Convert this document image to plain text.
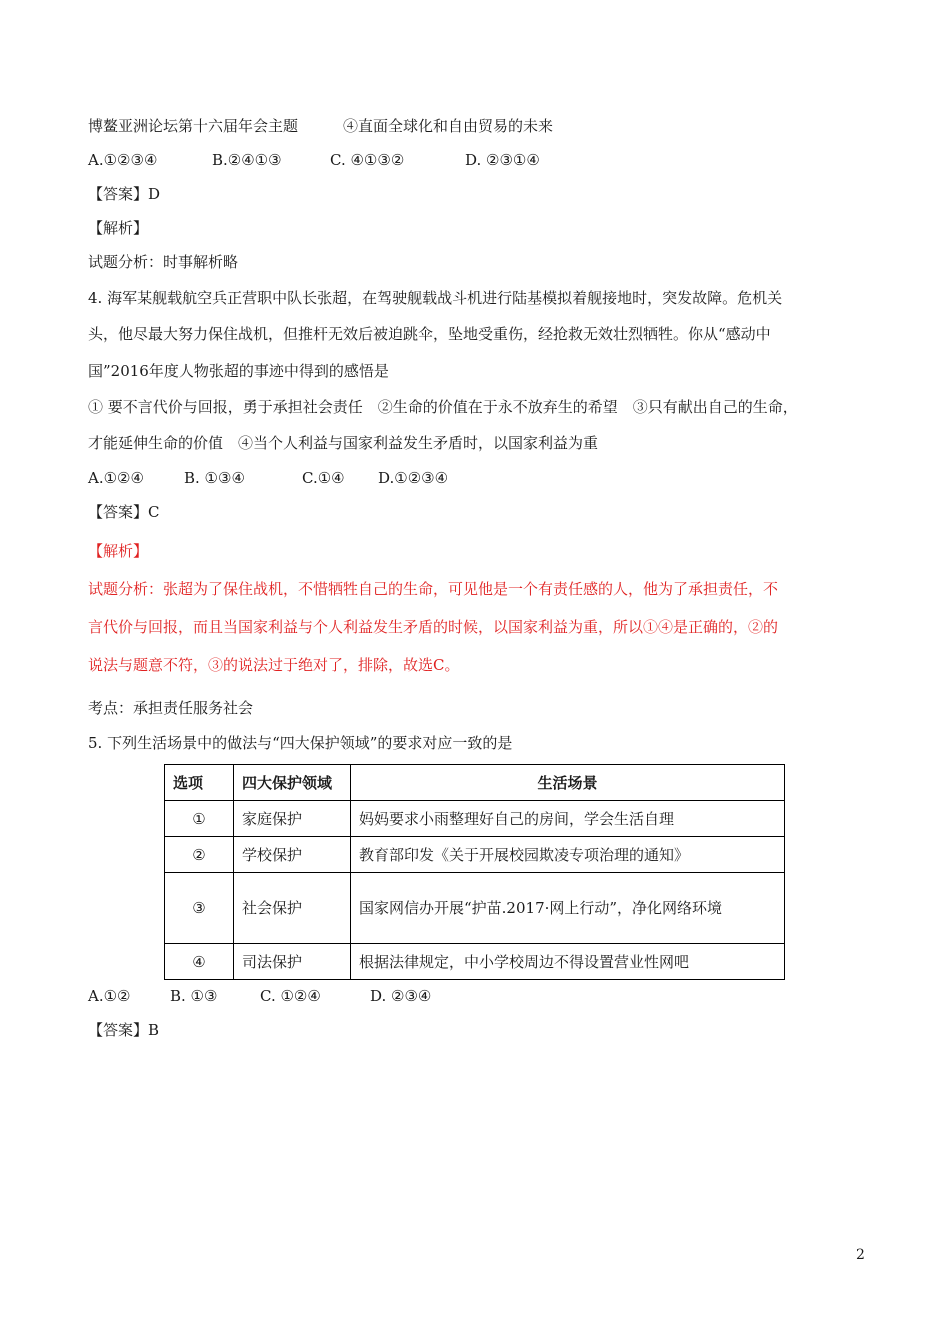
博鳌亚洲论坛第十六届年会主题　　　④直面全球化和自由贸易的未来
A.①②③④	B.②④①③	C. ④①③②	D. ②③①④
【答案】D
【解析】
试题分析：时事解析略
4. 海军某舰载航空兵正营职中队长张超，在驾驶舰载战斗机进行陆基模拟着舰接地时，突发故障。危机关
头，他尽最大努力保住战机，但推杆无效后被迫跳伞，坠地受重伤，经抢救无效壮烈牺牲。你从“感动中
国”2016年度人物张超的事迹中得到的感悟是
① 要不言代价与回报，勇于承担社会责任　②生命的价值在于永不放弃生的希望　③只有献出自己的生命，
才能延伸生命的价值　④当个人利益与国家利益发生矛盾时，以国家利益为重
A.①②④	B. ①③④	C.①④ D.①②③④
【答案】C
【解析】
试题分析：张超为了保住战机，不惜牺牲自己的生命，可见他是一个有责任感的人，他为了承担责任，不
言代价与回报，而且当国家利益与个人利益发生矛盾的时候，以国家利益为重，所以①④是正确的，②的
说法与题意不符，③的说法过于绝对了，排除，故选C。
考点：承担责任服务社会
5. 下列生活场景中的做法与“四大保护领域”的要求对应一致的是
选项	四大保护领域	生活场景
①	家庭保护	妈妈要求小雨整理好自己的房间，学会生活自理
②	学校保护	教育部印发《关于开展校园欺凌专项治理的通知》
③	社会保护	国家网信办开展“护苗.2017·网上行动”，净化网络环境
④	司法保护	根据法律规定，中小学校周边不得设置营业性网吧
A.①②	B. ①③	C. ①②④	D. ②③④
【答案】B
2
